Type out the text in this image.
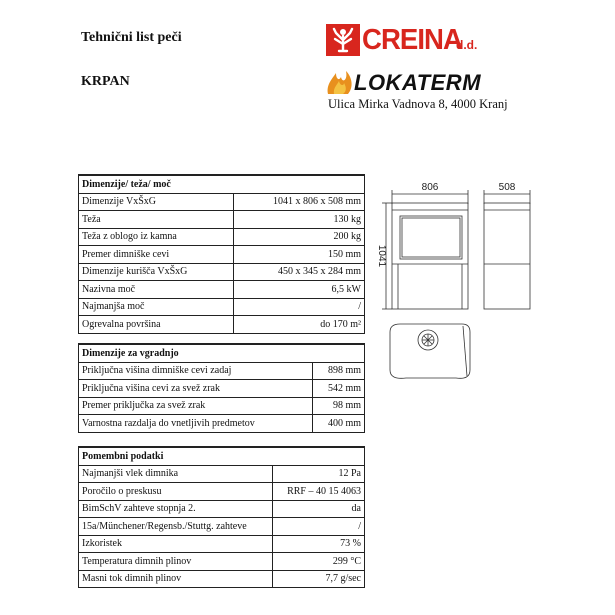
Tehnični list peči
KRPAN
CREINA
d.d.
LOKATERM
Ulica Mirka Vadnova 8, 4000 Kranj
Dimenzije/ teža/ moč	
Dimenzije VxŠxG	1041 x 806 x 508 mm
Teža	130 kg
Teža z oblogo iz kamna	200 kg
Premer dimniške cevi	150 mm
Dimenzije kurišča VxŠxG	450 x 345 x 284 mm
Nazivna moč	6,5 kW
Najmanjša moč	/
Ogrevalna površina	do 170 m²
Dimenzije za vgradnjo	
Priključna višina dimniške cevi zadaj	898 mm
Priključna višina cevi za svež zrak	542 mm
Premer priključka za svež zrak	98 mm
Varnostna razdalja do vnetljivih predmetov	400 mm
Pomembni podatki	
Najmanjši vlek dimnika	12 Pa
Poročilo o preskusu	RRF – 40 15 4063
BimSchV zahteve stopnja 2.	da
15a/Münchener/Regensb./Stuttg. zahteve	/
Izkoristek	73 %
Temperatura dimnih plinov	299 °C
Masni tok dimnih plinov	7,7 g/sec
806	508
1041
